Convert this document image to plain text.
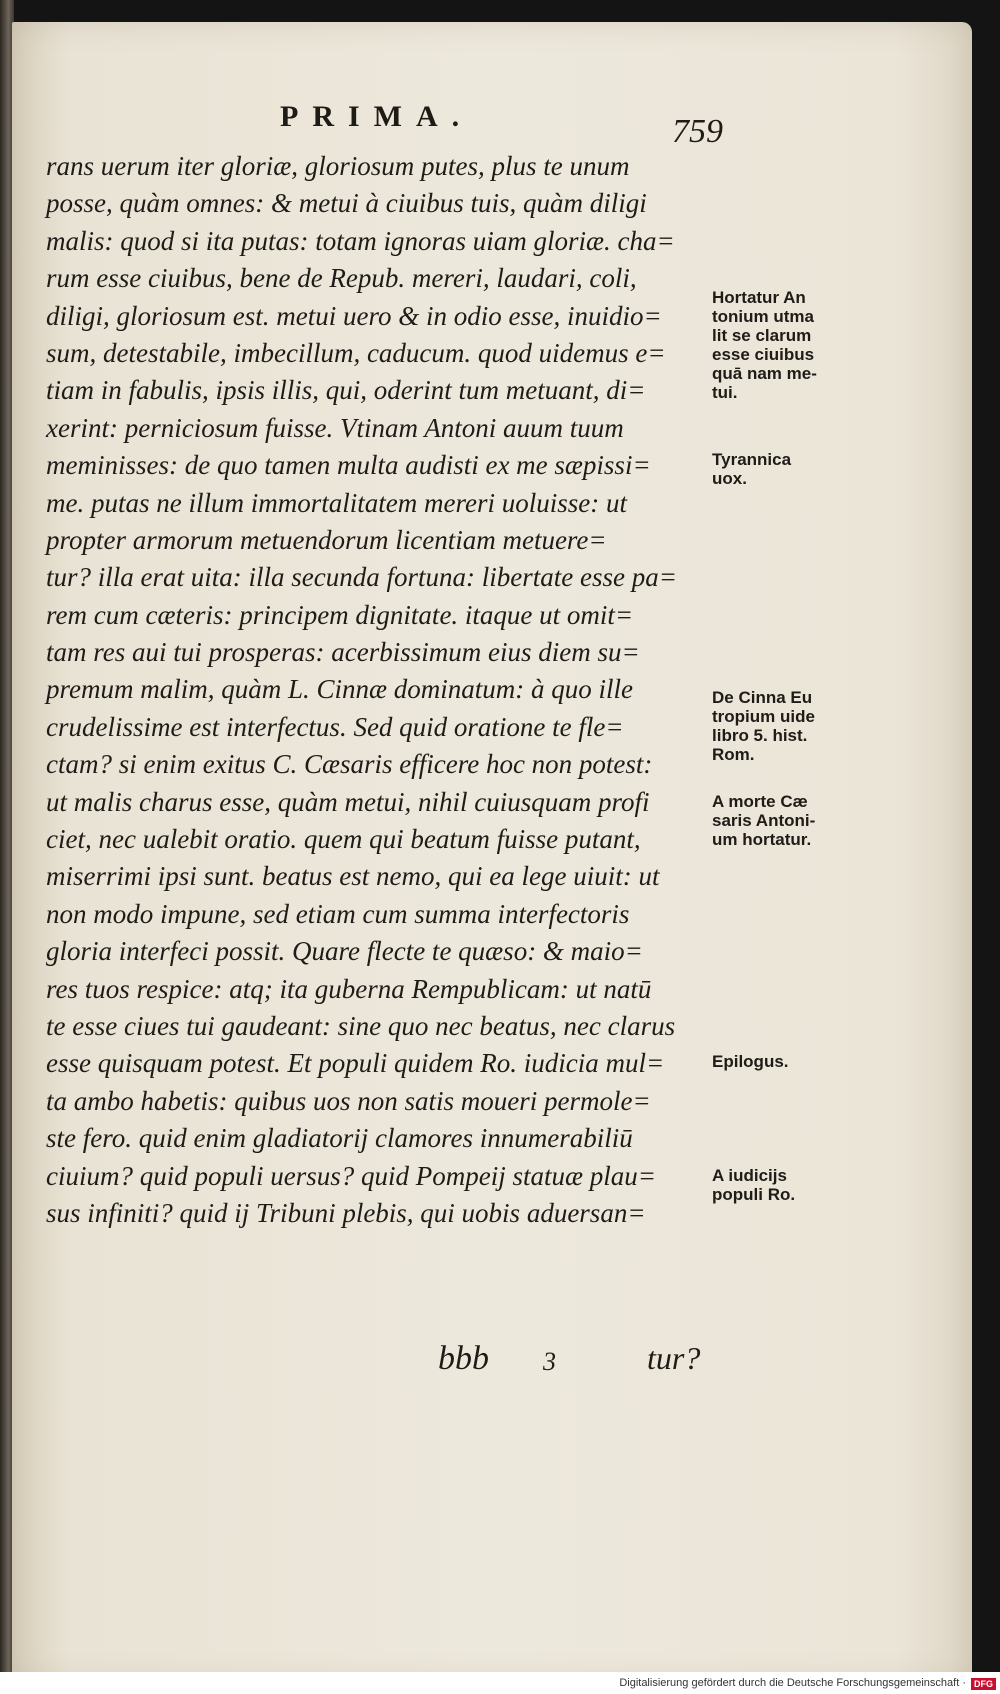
PRIMA.	759
rans uerum iter gloriæ, gloriosum putes, plus te unum
posse, quàm omnes: & metui à ciuibus tuis, quàm diligi
malis: quod si ita putas: totam ignoras uiam gloriæ. cha=
rum esse ciuibus, bene de Repub. mereri, laudari, coli,
diligi, gloriosum est. metui uero & in odio esse, inuidio=
sum, detestabile, imbecillum, caducum. quod uidemus e=
tiam in fabulis, ipsis illis, qui, oderint tum metuant, di=
xerint: perniciosum fuisse. Vtinam Antoni auum tuum
meminisses: de quo tamen multa audisti ex me sæpissi=
me. putas ne illum immortalitatem mereri uoluisse: ut
propter armorum metuendorum licentiam metuere=
tur? illa erat uita: illa secunda fortuna: libertate esse pa=
rem cum cæteris: principem dignitate. itaque ut omit=
tam res aui tui prosperas: acerbissimum eius diem su=
premum malim, quàm L. Cinnæ dominatum: à quo ille
crudelissime est interfectus. Sed quid oratione te fle=
ctam? si enim exitus C. Cæsaris efficere hoc non potest:
ut malis charus esse, quàm metui, nihil cuiusquam profi
ciet, nec ualebit oratio. quem qui beatum fuisse putant,
miserrimi ipsi sunt. beatus est nemo, qui ea lege uiuit: ut
non modo impune, sed etiam cum summa interfectoris
gloria interfeci possit. Quare flecte te quæso: & maio=
res tuos respice: atq; ita guberna Rempublicam: ut natū
te esse ciues tui gaudeant: sine quo nec beatus, nec clarus
esse quisquam potest. Et populi quidem Ro. iudicia mul=
ta ambo habetis: quibus uos non satis moueri permole=
ste fero. quid enim gladiatorij clamores innumerabiliū
ciuium? quid populi uersus? quid Pompeij statuæ plau=
sus infiniti? quid ij Tribuni plebis, qui uobis aduersan=
Hortatur An
tonium utma
lit se clarum
esse ciuibus
quā nam me-
tui.
Tyrannica
uox.
De Cinna Eu
tropium uide
libro 5. hist.
Rom.
A morte Cæ
saris Antoni-
um hortatur.
Epilogus.
A iudicijs
populi Ro.
bbb 3	tur?
Digitalisierung gefördert durch die Deutsche Forschungsgemeinschaft · DFG
